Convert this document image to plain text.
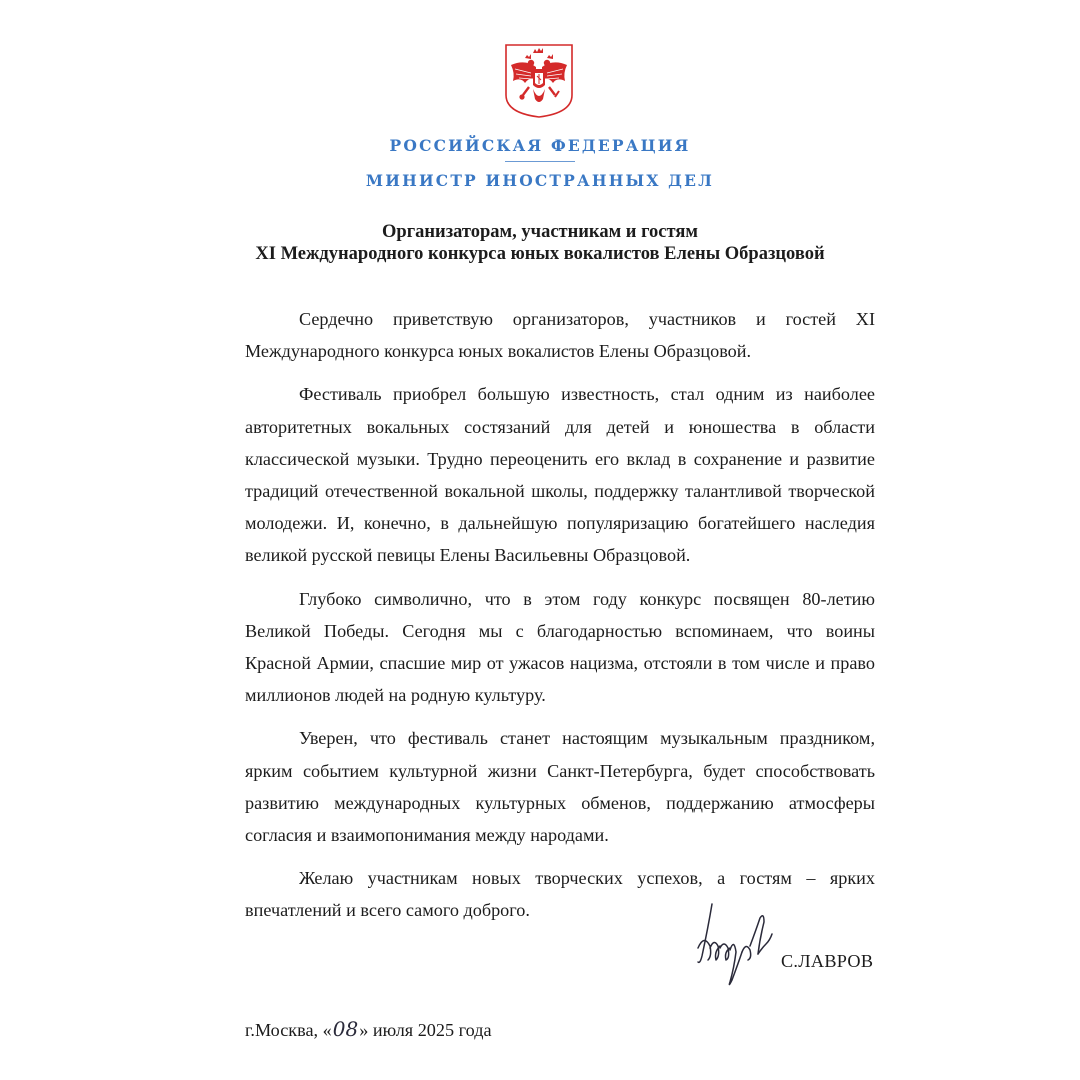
РОССИЙСКАЯ ФЕДЕРАЦИЯ
МИНИСТР ИНОСТРАННЫХ ДЕЛ
Организаторам, участникам и гостям
XI Международного конкурса юных вокалистов Елены Образцовой

Сердечно приветствую организаторов, участников и гостей XI Международного конкурса юных вокалистов Елены Образцовой.

Фестиваль приобрел большую известность, стал одним из наиболее авторитетных вокальных состязаний для детей и юношества в области классической музыки. Трудно переоценить его вклад в сохранение и развитие традиций отечественной вокальной школы, поддержку талантливой творческой молодежи. И, конечно, в дальнейшую популяризацию богатейшего наследия великой русской певицы Елены Васильевны Образцовой.

Глубоко символично, что в этом году конкурс посвящен 80-летию Великой Победы. Сегодня мы с благодарностью вспоминаем, что воины Красной Армии, спасшие мир от ужасов нацизма, отстояли в том числе и право миллионов людей на родную культуру.

Уверен, что фестиваль станет настоящим музыкальным праздником, ярким событием культурной жизни Санкт-Петербурга, будет способствовать развитию международных культурных обменов, поддержанию атмосферы согласия и взаимопонимания между народами.

Желаю участникам новых творческих успехов, а гостям – ярких впечатлений и всего самого доброго.

С.ЛАВРОВ
г.Москва, «08» июля 2025 года
